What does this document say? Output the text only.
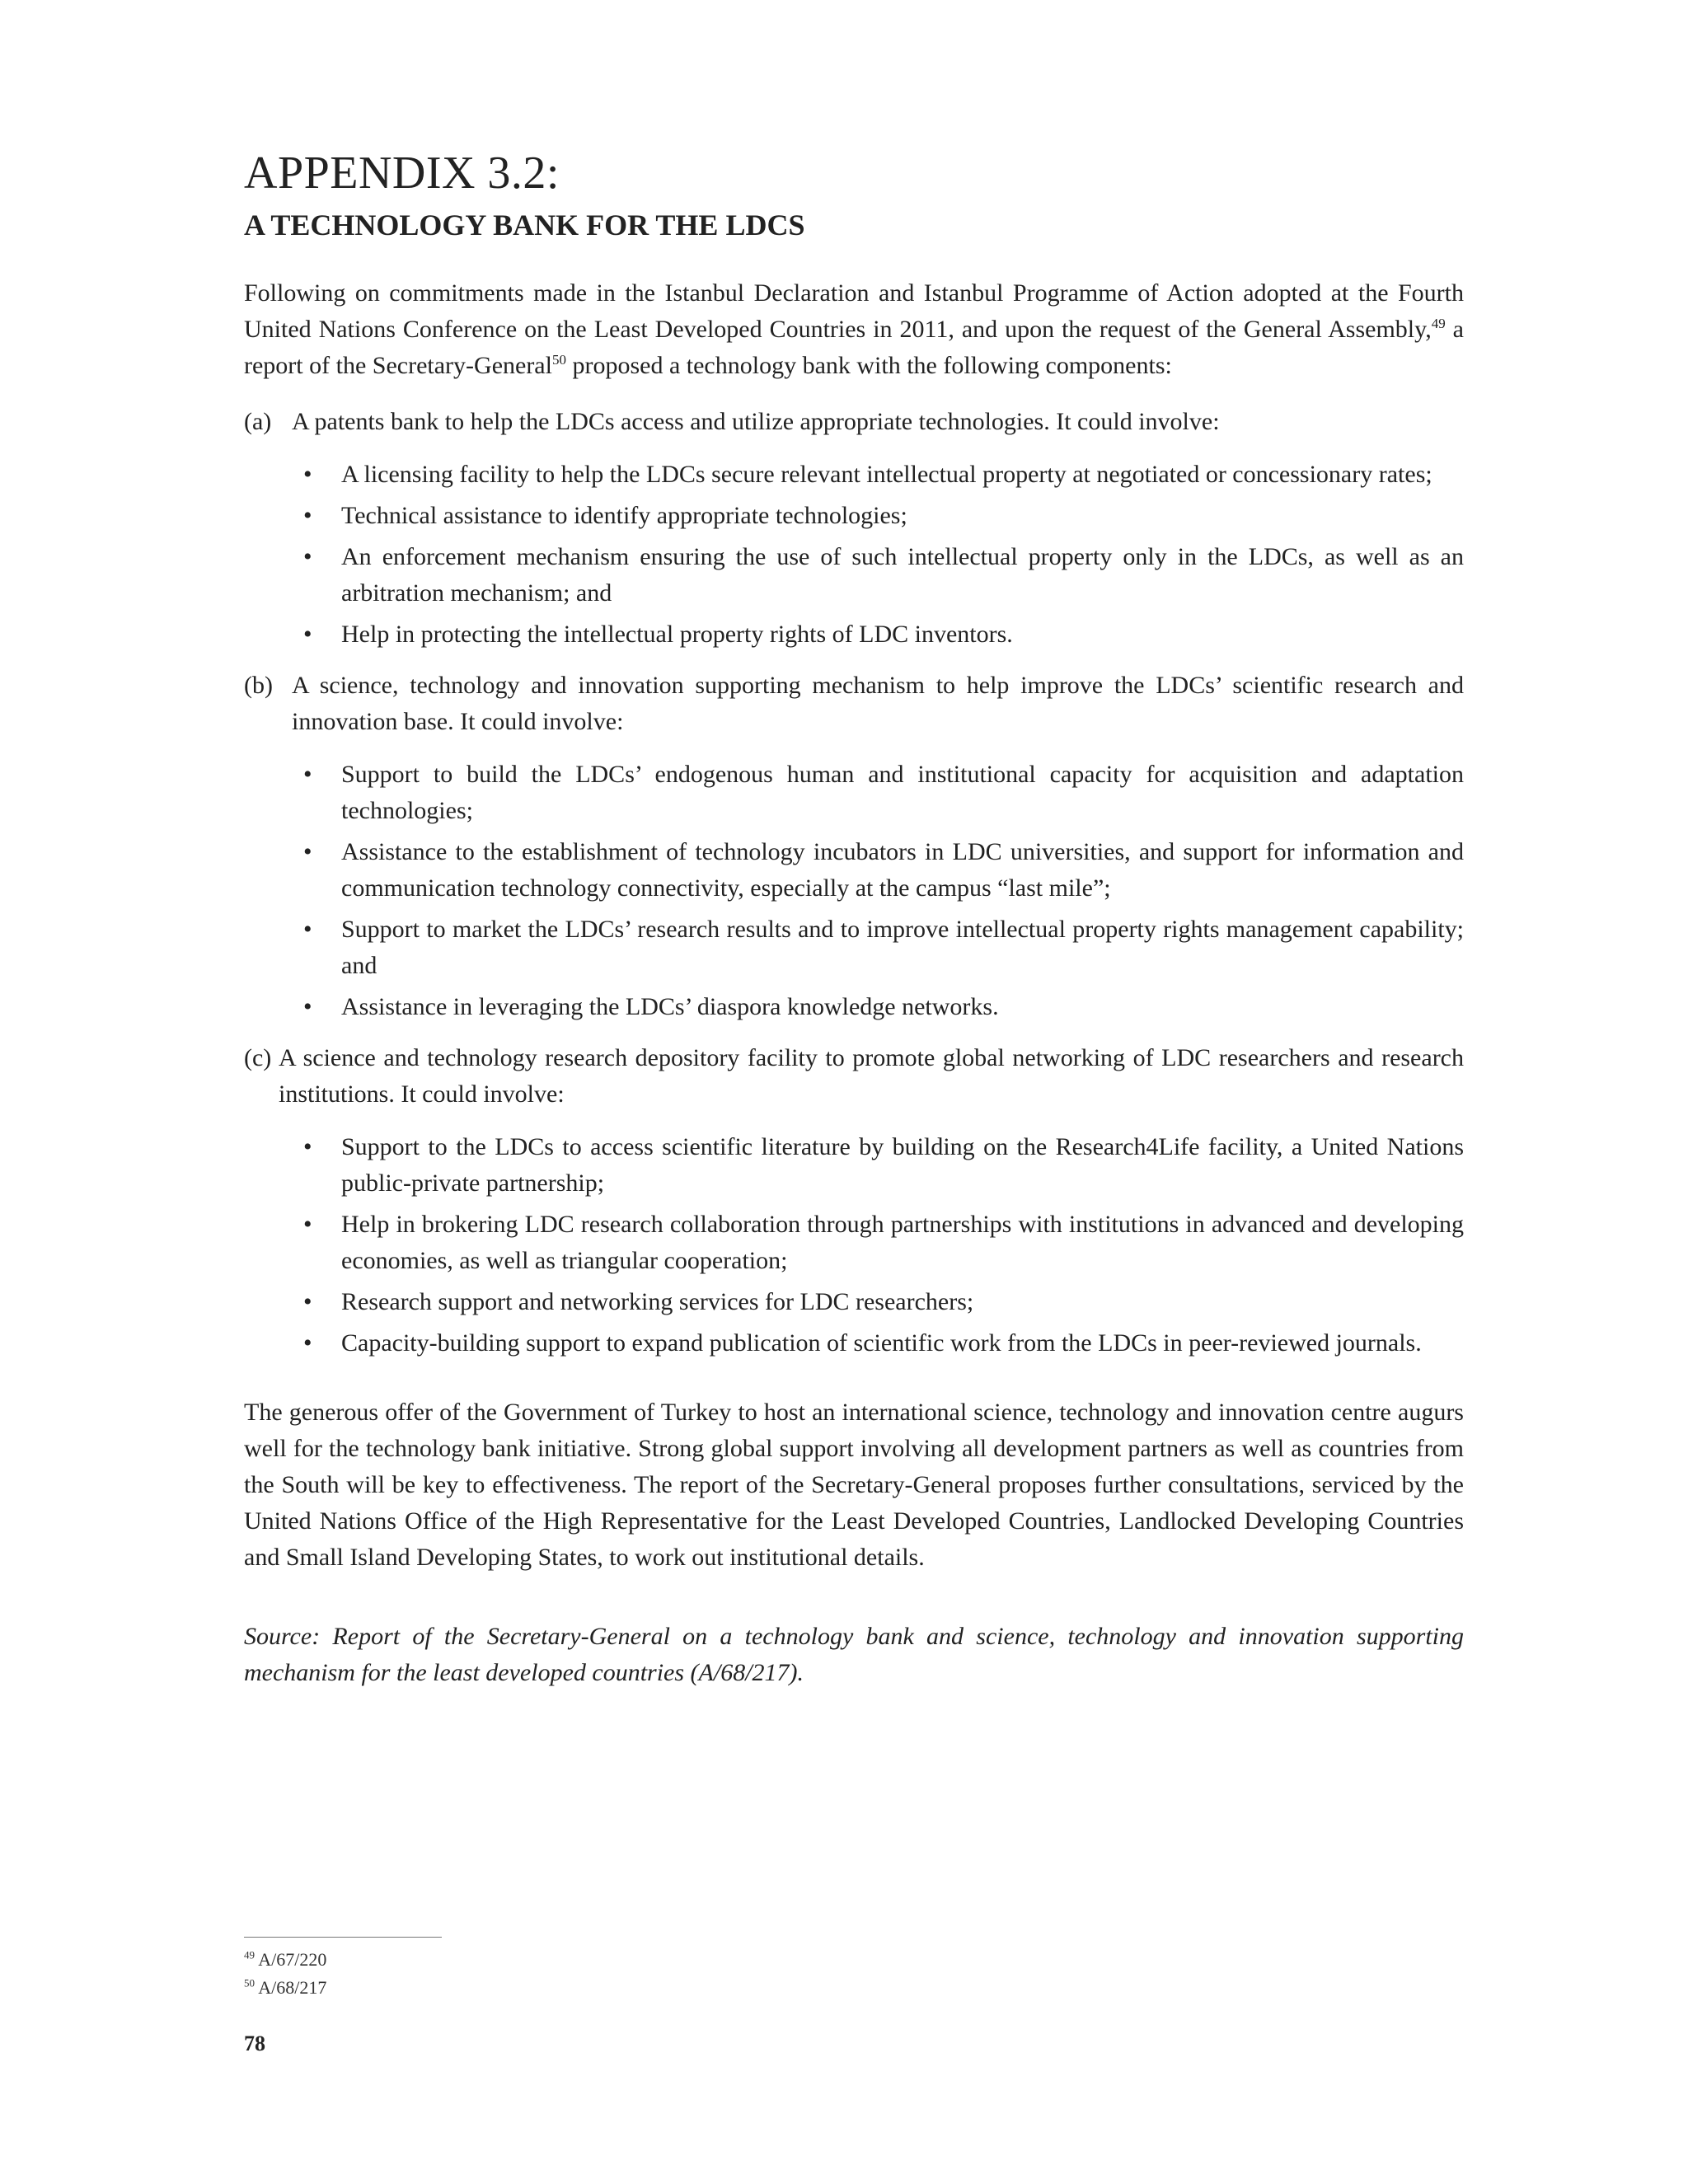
APPENDIX 3.2:
A TECHNOLOGY BANK FOR THE LDCS

Following on commitments made in the Istanbul Declaration and Istanbul Programme of Action adopted at the Fourth United Nations Conference on the Least Developed Countries in 2011, and upon the request of the General Assembly,$^{49}$ a report of the Secretary-General$^{50}$ proposed a technology bank with the following components:

(a) A patents bank to help the LDCs access and utilize appropriate technologies. It could involve:
• A licensing facility to help the LDCs secure relevant intellectual property at negotiated or concessionary rates;
• Technical assistance to identify appropriate technologies;
• An enforcement mechanism ensuring the use of such intellectual property only in the LDCs, as well as an arbitration mechanism; and
• Help in protecting the intellectual property rights of LDC inventors.
(b) A science, technology and innovation supporting mechanism to help improve the LDCs’ scientific research and innovation base. It could involve:
• Support to build the LDCs’ endogenous human and institutional capacity for acquisition and adaptation technologies;
• Assistance to the establishment of technology incubators in LDC universities, and support for information and communication technology connectivity, especially at the campus “last mile”;
• Support to market the LDCs’ research results and to improve intellectual property rights management capability; and
• Assistance in leveraging the LDCs’ diaspora knowledge networks.
(c) A science and technology research depository facility to promote global networking of LDC researchers and research institutions. It could involve:
• Support to the LDCs to access scientific literature by building on the Research4Life facility, a United Nations public-private partnership;
• Help in brokering LDC research collaboration through partnerships with institutions in advanced and developing economies, as well as triangular cooperation;
• Research support and networking services for LDC researchers;
• Capacity-building support to expand publication of scientific work from the LDCs in peer-reviewed journals.

The generous offer of the Government of Turkey to host an international science, technology and innovation centre augurs well for the technology bank initiative. Strong global support involving all development partners as well as countries from the South will be key to effectiveness. The report of the Secretary-General proposes further consultations, serviced by the United Nations Office of the High Representative for the Least Developed Countries, Landlocked Developing Countries and Small Island Developing States, to work out institutional details.

Source: Report of the Secretary-General on a technology bank and science, technology and innovation supporting mechanism for the least developed countries (A/68/217).

$^{49}$ A/67/220
$^{50}$ A/68/217
78
